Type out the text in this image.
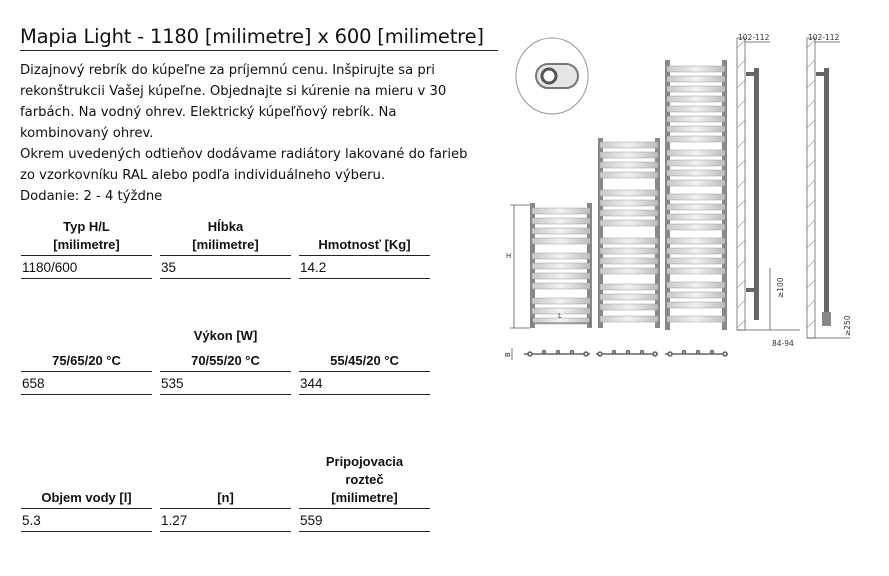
Mapia Light - 1180 [milimetre] x 600 [milimetre]

Dizajnový rebrík do kúpeľne za príjemnú cenu. Inšpirujte sa pri

rekonštrukcii Vašej kúpeľne. Objednajte si kúrenie na mieru v 30

farbách. Na vodný ohrev. Elektrický kúpeľňový rebrík. Na

kombinovaný ohrev.

Okrem uvedených odtieňov dodávame radiátory lakované do farieb

zo vzorkovníku RAL alebo podľa individuálneho výberu.

Dodanie: 2 - 4 týždne

Typ H/L
[milimetre]
1180/600
Hĺbka
[milimetre]
35
Hmotnosť [Kg]
14.2
Výkon [W]
75/65/20 °C
658
70/55/20 °C
535
55/45/20 °C
344
Objem vody [l]
5.3
[n]
1.27
Pripojovacia
rozteč
[milimetre]
559
H
L
102-112
≥100
84-94
102-112
≥250
B
